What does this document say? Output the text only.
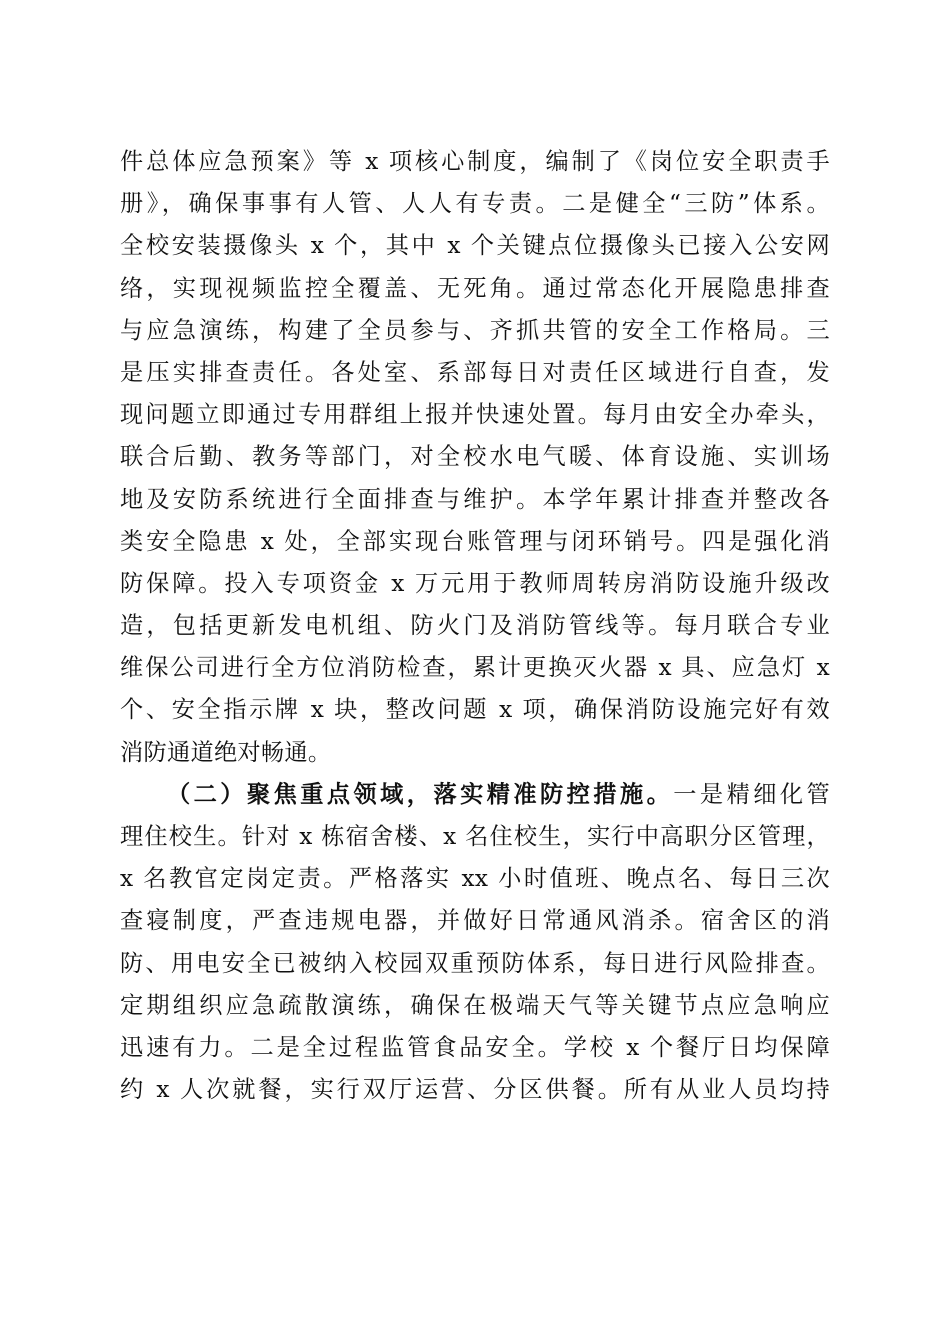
件总体应急预案》等 x 项核心制度，编制了《岗位安全职责手
册》，确保事事有人管、人人有专责。二是健全“三防”体系。
全校安装摄像头 x 个，其中 x 个关键点位摄像头已接入公安网
络，实现视频监控全覆盖、无死角。通过常态化开展隐患排查
与应急演练，构建了全员参与、齐抓共管的安全工作格局。三
是压实排查责任。各处室、系部每日对责任区域进行自查，发
现问题立即通过专用群组上报并快速处置。每月由安全办牵头，
联合后勤、教务等部门，对全校水电气暖、体育设施、实训场
地及安防系统进行全面排查与维护。本学年累计排查并整改各
类安全隐患 x 处，全部实现台账管理与闭环销号。四是强化消
防保障。投入专项资金 x 万元用于教师周转房消防设施升级改
造，包括更新发电机组、防火门及消防管线等。每月联合专业
维保公司进行全方位消防检查，累计更换灭火器 x 具、应急灯 x
个、安全指示牌 x 块，整改问题 x 项，确保消防设施完好有效
消防通道绝对畅通。
（二）聚焦重点领域，落实精准防控措施。一是精细化管
理住校生。针对 x 栋宿舍楼、x 名住校生，实行中高职分区管理，
x 名教官定岗定责。严格落实 xx 小时值班、晚点名、每日三次
查寝制度，严查违规电器，并做好日常通风消杀。宿舍区的消
防、用电安全已被纳入校园双重预防体系，每日进行风险排查。
定期组织应急疏散演练，确保在极端天气等关键节点应急响应
迅速有力。二是全过程监管食品安全。学校 x 个餐厅日均保障
约 x 人次就餐，实行双厅运营、分区供餐。所有从业人员均持
